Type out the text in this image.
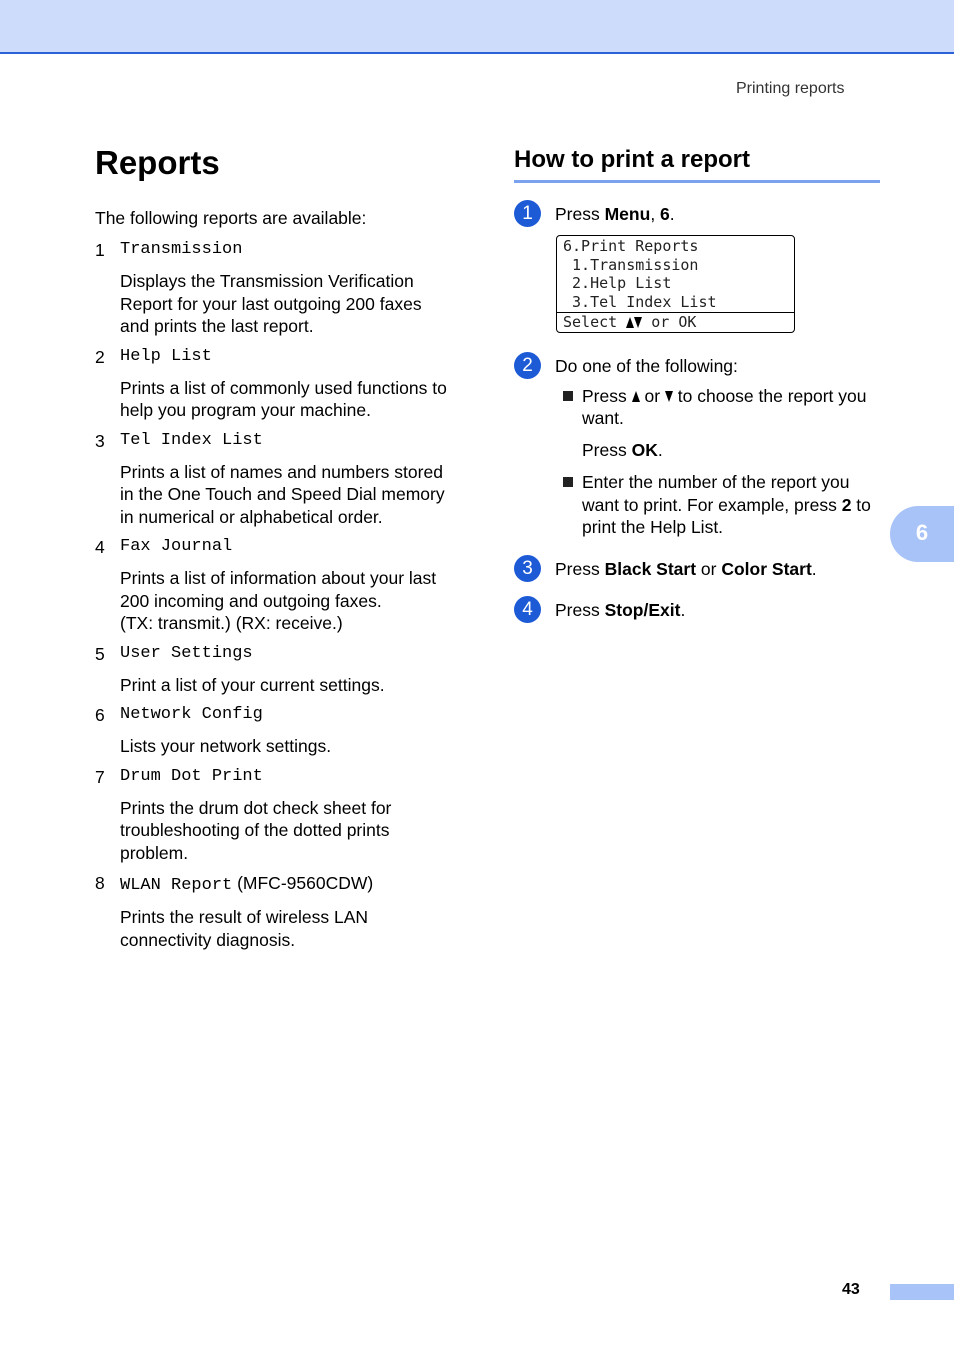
Printing reports
Reports
The following reports are available:
1 Transmission
Displays the Transmission Verification
Report for your last outgoing 200 faxes
and prints the last report.
2 Help List
Prints a list of commonly used functions to
help you program your machine.
3 Tel Index List
Prints a list of names and numbers stored
in the One Touch and Speed Dial memory
in numerical or alphabetical order.
4 Fax Journal
Prints a list of information about your last
200 incoming and outgoing faxes.
(TX: transmit.) (RX: receive.)
5 User Settings
Print a list of your current settings.
6 Network Config
Lists your network settings.
7 Drum Dot Print
Prints the drum dot check sheet for
troubleshooting of the dotted prints
problem.
8 WLAN Report (MFC-9560CDW)
Prints the result of wireless LAN
connectivity diagnosis.
How to print a report
1	Press Menu, 6.
6.Print Reports
1.Transmission
2.Help List
3.Tel Index List
Select  or OK
2	Do one of the following:
Press  or  to choose the report you
want.
Press OK.
Enter the number of the report you
want to print. For example, press 2 to
print the Help List.
3	Press Black Start or Color Start.
4	Press Stop/Exit.
6
43
